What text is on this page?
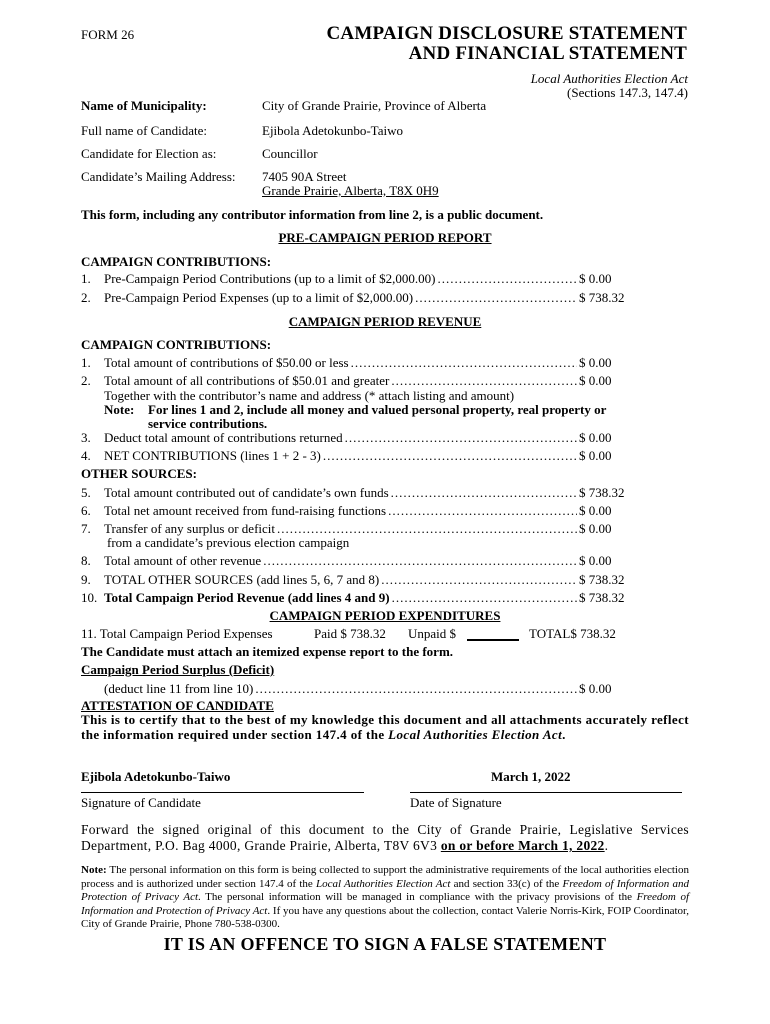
FORM 26	CAMPAIGN DISCLOSURE STATEMENT
AND FINANCIAL STATEMENT
Local Authorities Election Act
(Sections 147.3, 147.4)
Name of Municipality:	City of Grande Prairie, Province of Alberta
Full name of Candidate:	Ejibola Adetokunbo-Taiwo
Candidate for Election as:	Councillor
Candidate’s Mailing Address: 7405 90A Street
Grande Prairie, Alberta, T8X 0H9
This form, including any contributor information from line 2, is a public document.
PRE-CAMPAIGN PERIOD REPORT
CAMPAIGN CONTRIBUTIONS:
1.	Pre-Campaign Period Contributions (up to a limit of $2,000.00) .....	$ 0.00
2.	Pre-Campaign Period Expenses (up to a limit of $2,000.00) .....	$ 738.32
CAMPAIGN PERIOD REVENUE
CAMPAIGN CONTRIBUTIONS:
1.	Total amount of contributions of $50.00 or less .....	$ 0.00
2.	Total amount of all contributions of $50.01 and greater .....	$ 0.00
Together with the contributor’s name and address (* attach listing and amount)
Note: For lines 1 and 2, include all money and valued personal property, real property or
service contributions.
3.	Deduct total amount of contributions returned .....	$ 0.00
4.	NET CONTRIBUTIONS (lines 1 + 2 - 3) .....	$ 0.00
OTHER SOURCES:
5.	Total amount contributed out of candidate’s own funds .....	$ 738.32
6.	Total net amount received from fund-raising functions .....	$ 0.00
7.	Transfer of any surplus or deficit .....	$ 0.00
from a candidate’s previous election campaign
8.	Total amount of other revenue .....	$ 0.00
9.	TOTAL OTHER SOURCES (add lines 5, 6, 7 and 8) .....	$ 738.32
10. Total Campaign Period Revenue (add lines 4 and 9) .....	$ 738.32
CAMPAIGN PERIOD EXPENDITURES
11. Total Campaign Period Expenses	Paid $ 738.32 Unpaid $	TOTAL$ 738.32
The Candidate must attach an itemized expense report to the form.
Campaign Period Surplus (Deficit)
(deduct line 11 from line 10) .....	$ 0.00
ATTESTATION OF CANDIDATE
This is to certify that to the best of my knowledge this document and all attachments accurately reflect the information required under section 147.4 of the Local Authorities Election Act.
Ejibola Adetokunbo-Taiwo	March 1, 2022
Signature of Candidate	Date of Signature
Forward the signed original of this document to the City of Grande Prairie, Legislative Services Department, P.O. Bag 4000, Grande Prairie, Alberta, T8V 6V3 on or before March 1, 2022.
Note: The personal information on this form is being collected to support the administrative requirements of the local authorities election process and is authorized under section 147.4 of the Local Authorities Election Act and section 33(c) of the Freedom of Information and Protection of Privacy Act. The personal information will be managed in compliance with the privacy provisions of the Freedom of Information and Protection of Privacy Act. If you have any questions about the collection, contact Valerie Norris-Kirk, FOIP Coordinator, City of Grande Prairie, Phone 780-538-0300.
IT IS AN OFFENCE TO SIGN A FALSE STATEMENT
